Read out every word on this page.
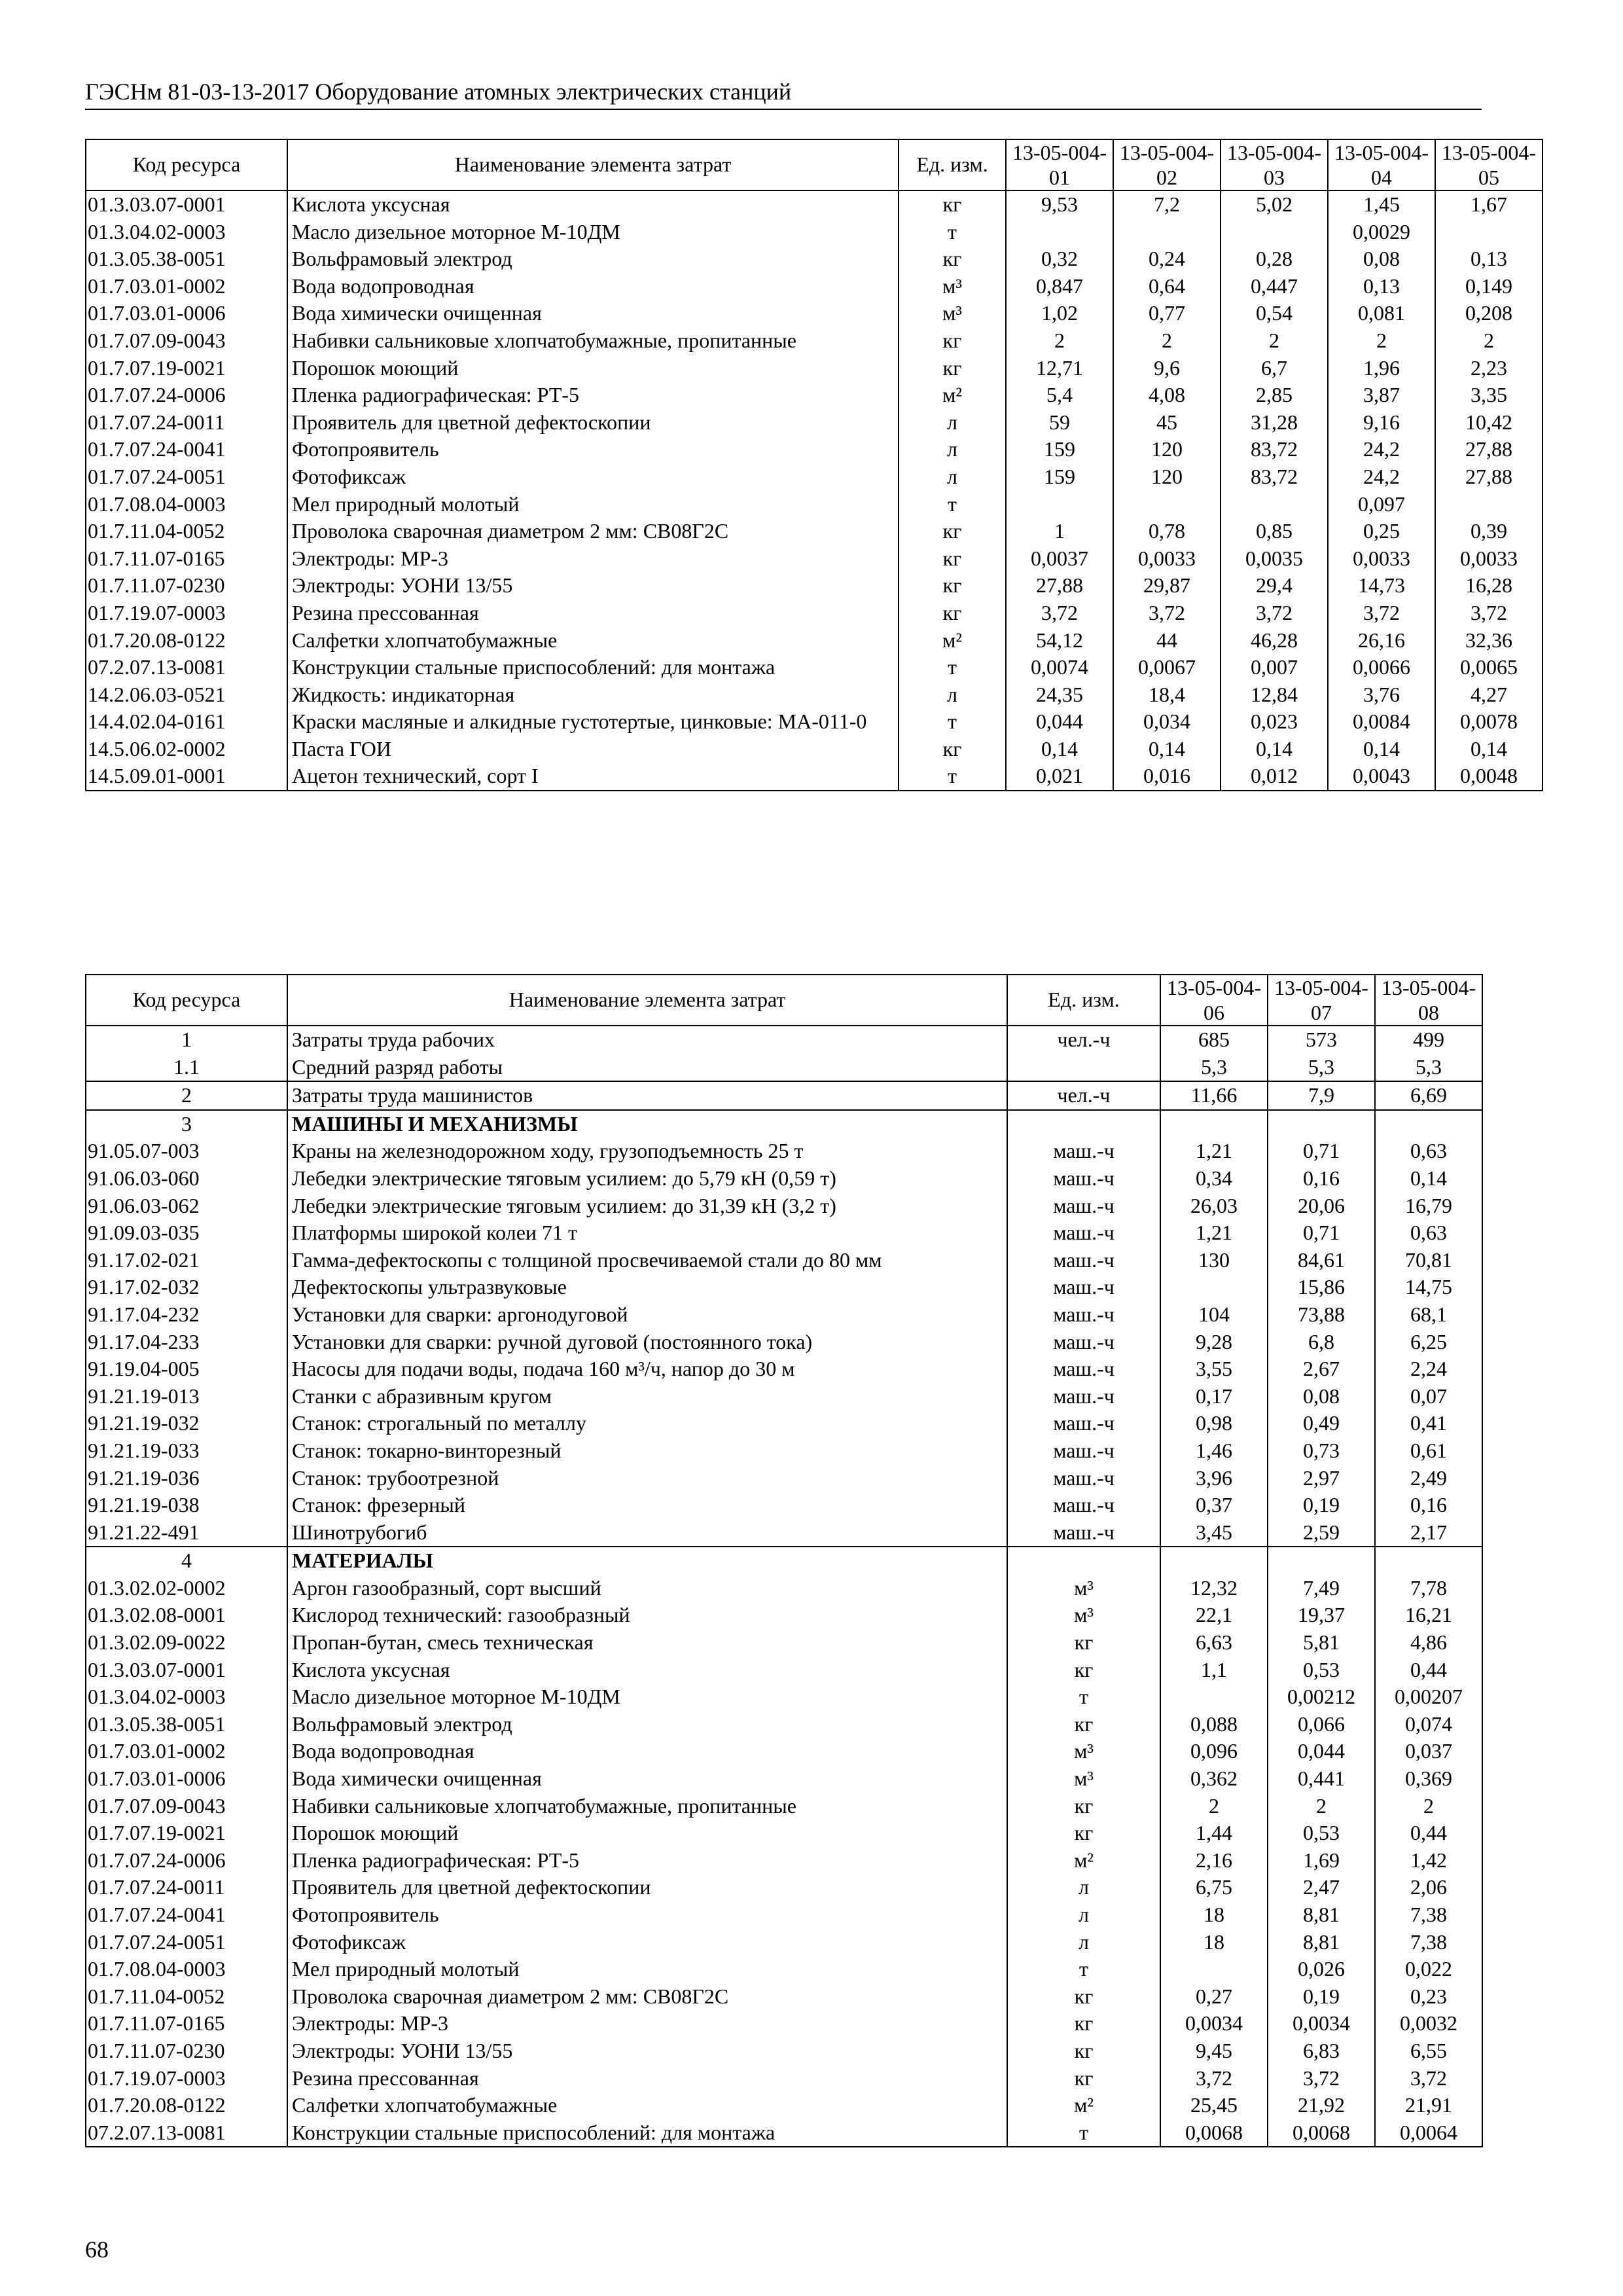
ГЭСНм 81-03-13-2017 Оборудование атомных электрических станций
Код ресурса	Наименование элемента затрат	Ед. изм.	13-05-004-01	13-05-004-02	13-05-004-03	13-05-004-04	13-05-004-05
01.3.03.07-0001	Кислота уксусная	кг	9,53	7,2	5,02	1,45	1,67
01.3.04.02-0003	Масло дизельное моторное М-10ДМ	т				0,0029	
01.3.05.38-0051	Вольфрамовый электрод	кг	0,32	0,24	0,28	0,08	0,13
01.7.03.01-0002	Вода водопроводная	м³	0,847	0,64	0,447	0,13	0,149
01.7.03.01-0006	Вода химически очищенная	м³	1,02	0,77	0,54	0,081	0,208
01.7.07.09-0043	Набивки сальниковые хлопчатобумажные, пропитанные	кг	2	2	2	2	2
01.7.07.19-0021	Порошок моющий	кг	12,71	9,6	6,7	1,96	2,23
01.7.07.24-0006	Пленка радиографическая: РТ-5	м²	5,4	4,08	2,85	3,87	3,35
01.7.07.24-0011	Проявитель для цветной дефектоскопии	л	59	45	31,28	9,16	10,42
01.7.07.24-0041	Фотопроявитель	л	159	120	83,72	24,2	27,88
01.7.07.24-0051	Фотофиксаж	л	159	120	83,72	24,2	27,88
01.7.08.04-0003	Мел природный молотый	т				0,097	
01.7.11.04-0052	Проволока сварочная диаметром 2 мм: СВ08Г2С	кг	1	0,78	0,85	0,25	0,39
01.7.11.07-0165	Электроды: МР-3	кг	0,0037	0,0033	0,0035	0,0033	0,0033
01.7.11.07-0230	Электроды: УОНИ 13/55	кг	27,88	29,87	29,4	14,73	16,28
01.7.19.07-0003	Резина прессованная	кг	3,72	3,72	3,72	3,72	3,72
01.7.20.08-0122	Салфетки хлопчатобумажные	м²	54,12	44	46,28	26,16	32,36
07.2.07.13-0081	Конструкции стальные приспособлений: для монтажа	т	0,0074	0,0067	0,007	0,0066	0,0065
14.2.06.03-0521	Жидкость: индикаторная	л	24,35	18,4	12,84	3,76	4,27
14.4.02.04-0161	Краски масляные и алкидные густотертые, цинковые: МА-011-0	т	0,044	0,034	0,023	0,0084	0,0078
14.5.06.02-0002	Паста ГОИ	кг	0,14	0,14	0,14	0,14	0,14
14.5.09.01-0001	Ацетон технический, сорт I	т	0,021	0,016	0,012	0,0043	0,0048
Код ресурса	Наименование элемента затрат	Ед. изм.	13-05-004-06	13-05-004-07	13-05-004-08
1	Затраты труда рабочих	чел.-ч	685	573	499
1.1	Средний разряд работы		5,3	5,3	5,3
2	Затраты труда машинистов	чел.-ч	11,66	7,9	6,69
3	МАШИНЫ И МЕХАНИЗМЫ				
91.05.07-003	Краны на железнодорожном ходу, грузоподъемность 25 т	маш.-ч	1,21	0,71	0,63
91.06.03-060	Лебедки электрические тяговым усилием: до 5,79 кН (0,59 т)	маш.-ч	0,34	0,16	0,14
91.06.03-062	Лебедки электрические тяговым усилием: до 31,39 кН (3,2 т)	маш.-ч	26,03	20,06	16,79
91.09.03-035	Платформы широкой колеи 71 т	маш.-ч	1,21	0,71	0,63
91.17.02-021	Гамма-дефектоскопы с толщиной просвечиваемой стали до 80 мм	маш.-ч	130	84,61	70,81
91.17.02-032	Дефектоскопы ультразвуковые	маш.-ч		15,86	14,75
91.17.04-232	Установки для сварки: аргонодуговой	маш.-ч	104	73,88	68,1
91.17.04-233	Установки для сварки: ручной дуговой (постоянного тока)	маш.-ч	9,28	6,8	6,25
91.19.04-005	Насосы для подачи воды, подача 160 м³/ч, напор до 30 м	маш.-ч	3,55	2,67	2,24
91.21.19-013	Станки с абразивным кругом	маш.-ч	0,17	0,08	0,07
91.21.19-032	Станок: строгальный по металлу	маш.-ч	0,98	0,49	0,41
91.21.19-033	Станок: токарно-винторезный	маш.-ч	1,46	0,73	0,61
91.21.19-036	Станок: трубоотрезной	маш.-ч	3,96	2,97	2,49
91.21.19-038	Станок: фрезерный	маш.-ч	0,37	0,19	0,16
91.21.22-491	Шинотрубогиб	маш.-ч	3,45	2,59	2,17
4	МАТЕРИАЛЫ				
01.3.02.02-0002	Аргон газообразный, сорт высший	м³	12,32	7,49	7,78
01.3.02.08-0001	Кислород технический: газообразный	м³	22,1	19,37	16,21
01.3.02.09-0022	Пропан-бутан, смесь техническая	кг	6,63	5,81	4,86
01.3.03.07-0001	Кислота уксусная	кг	1,1	0,53	0,44
01.3.04.02-0003	Масло дизельное моторное М-10ДМ	т		0,00212	0,00207
01.3.05.38-0051	Вольфрамовый электрод	кг	0,088	0,066	0,074
01.7.03.01-0002	Вода водопроводная	м³	0,096	0,044	0,037
01.7.03.01-0006	Вода химически очищенная	м³	0,362	0,441	0,369
01.7.07.09-0043	Набивки сальниковые хлопчатобумажные, пропитанные	кг	2	2	2
01.7.07.19-0021	Порошок моющий	кг	1,44	0,53	0,44
01.7.07.24-0006	Пленка радиографическая: РТ-5	м²	2,16	1,69	1,42
01.7.07.24-0011	Проявитель для цветной дефектоскопии	л	6,75	2,47	2,06
01.7.07.24-0041	Фотопроявитель	л	18	8,81	7,38
01.7.07.24-0051	Фотофиксаж	л	18	8,81	7,38
01.7.08.04-0003	Мел природный молотый	т		0,026	0,022
01.7.11.04-0052	Проволока сварочная диаметром 2 мм: СВ08Г2С	кг	0,27	0,19	0,23
01.7.11.07-0165	Электроды: МР-3	кг	0,0034	0,0034	0,0032
01.7.11.07-0230	Электроды: УОНИ 13/55	кг	9,45	6,83	6,55
01.7.19.07-0003	Резина прессованная	кг	3,72	3,72	3,72
01.7.20.08-0122	Салфетки хлопчатобумажные	м²	25,45	21,92	21,91
07.2.07.13-0081	Конструкции стальные приспособлений: для монтажа	т	0,0068	0,0068	0,0064
68
